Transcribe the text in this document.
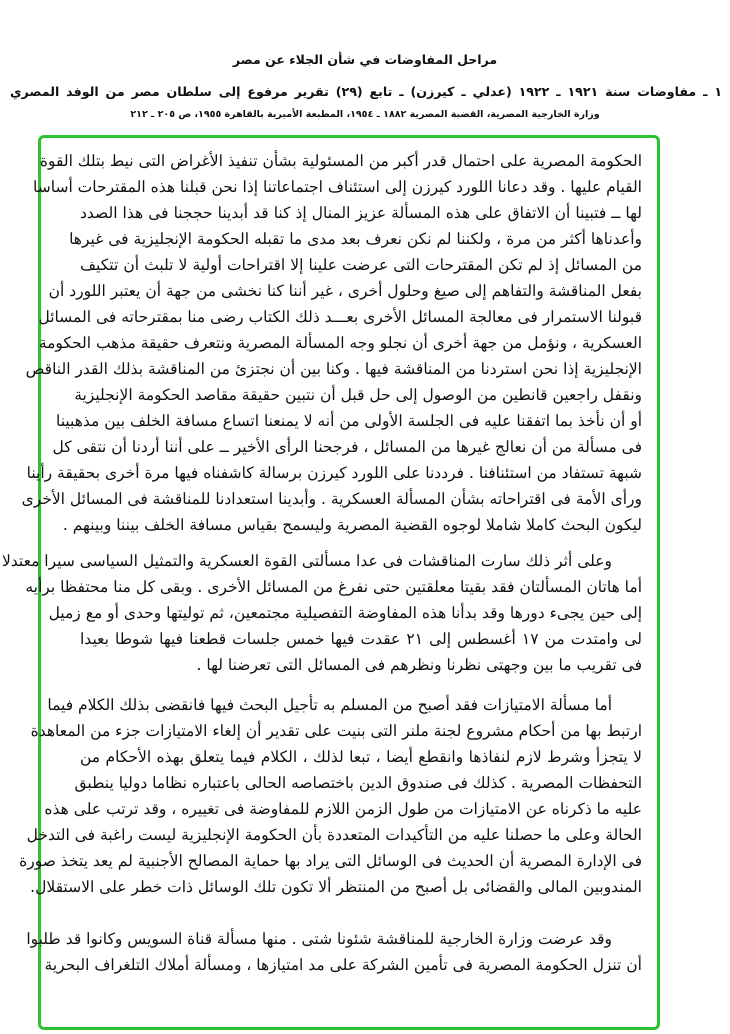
مراحل المفاوضات في شأن الجلاء عن مصر
١ ـ مفاوضات سنة ١٩٢١ ـ ١٩٢٢ (عدلي ـ كيرزن) ـ تابع (٢٩) تقرير مرفوع إلى سلطان مصر من الوفد المصري
وزارة الخارجية المصرية، القضية المصرية ١٨٨٢ ـ ١٩٥٤، المطبعة الأميرية بالقاهرة ١٩٥٥، ص ٢٠٥ ـ ٢١٢
الحكومة المصرية على احتمال قدر أكبر من المسئولية بشأن تنفيذ الأغراض التى نيط بتلك القوة
القيام عليها . وقد دعانا اللورد كيرزن إلى استئناف اجتماعاتنا إذا نحن قبلنا هذه المقترحات أساسا
لها ــ فتبينا أن الاتفاق على هذه المسألة عزيز المنال إذ كنا قد أبدينا حججنا فى هذا الصدد
وأعدناها أكثر من مرة ، ولكننا لم نكن نعرف بعد مدى ما تقبله الحكومة الإنجليزية فى غيرها
من المسائل إذ لم تكن المقترحات التى عرضت علينا إلا اقتراحات أولية لا تلبث أن تتكيف
بفعل المناقشة والتفاهم إلى صيغ وحلول أخرى ، غير أننا كنا نخشى من جهة أن يعتبر اللورد أن
قبولنا الاستمرار فى معالجة المسائل الأخرى بعـــد ذلك الكتاب رضى منا بمقترحاته فى المسائل
العسكرية ، ونؤمل من جهة أخرى أن نجلو وجه المسألة المصرية ونتعرف حقيقة مذهب الحكومة
الإنجليزية إذا نحن استردنا من المناقشة فيها . وكنا بين أن نجتزئ من المناقشة بذلك القدر الناقص
ونقفل راجعين قانطين من الوصول إلى حل قبل أن نتبين حقيقة مقاصد الحكومة الإنجليزية
أو أن نأخذ بما اتفقنا عليه فى الجلسة الأولى من أنه لا يمنعنا اتساع مسافة الخلف بين مذهبينا
فى مسألة من أن نعالج غيرها من المسائل ، فرجحنا الرأى الأخير ــ على أننا أردنا أن نتقى كل
شبهة تستفاد من استئنافنا . فرددنا على اللورد كيرزن برسالة كاشفناه فيها مرة أخرى بحقيقة رأينا
ورأى الأمة فى اقتراحاته بشأن المسألة العسكرية . وأبدينا استعدادنا للمناقشة فى المسائل الأخرى
ليكون البحث كاملا شاملا لوجوه القضية المصرية وليسمح بقياس مسافة الخلف بيننا وبينهم .
وعلى أثر ذلك سارت المناقشات فى عدا مسألتى القوة العسكرية والتمثيل السياسى سيرا معتدلا
أما هاتان المسألتان فقد بقيتا معلقتين حتى نفرغ من المسائل الأخرى . وبقى كل منا محتفظا برأيه
إلى حين يجىء دورها وقد بدأنا هذه المفاوضة التفصيلية مجتمعين، ثم توليتها وحدى أو مع زميل
لى وامتدت من ١٧ أغسطس إلى ٢١ عقدت فيها خمس جلسات قطعنا فيها شوطا بعيدا
فى تقريب ما بين وجهتى نظرنا ونظرهم فى المسائل التى تعرضنا لها .
أما مسألة الامتيازات فقد أصبح من المسلم به تأجيل البحث فيها فانقضى بذلك الكلام فيما
ارتبط بها من أحكام مشروع لجنة ملنر التى بنيت على تقدير أن إلغاء الامتيازات جزء من المعاهدة
لا يتجزأ وشرط لازم لنفاذها وانقطع أيضا ، تبعا لذلك ، الكلام فيما يتعلق بهذه الأحكام من
التحفظات المصرية . كذلك فى صندوق الدين باختصاصه الحالى باعتباره نظاما دوليا ينطبق
عليه ما ذكرناه عن الامتيازات من طول الزمن اللازم للمفاوضة فى تغييره ، وقد ترتب على هذه
الحالة وعلى ما حصلنا عليه من التأكيدات المتعددة بأن الحكومة الإنجليزية ليست راغبة فى التدخل
فى الإدارة المصرية أن الحديث فى الوسائل التى يراد بها حماية المصالح الأجنبية لم يعد يتخذ صورة
المندوبين المالى والقضائى بل أصبح من المنتظر ألا تكون تلك الوسائل ذات خطر على الاستقلال.
وقد عرضت وزارة الخارجية للمناقشة شئونا شتى . منها مسألة قناة السويس وكانوا قد طلبوا
أن تنزل الحكومة المصرية فى تأمين الشركة على مد امتيازها ، ومسألة أملاك التلغراف البحرية
